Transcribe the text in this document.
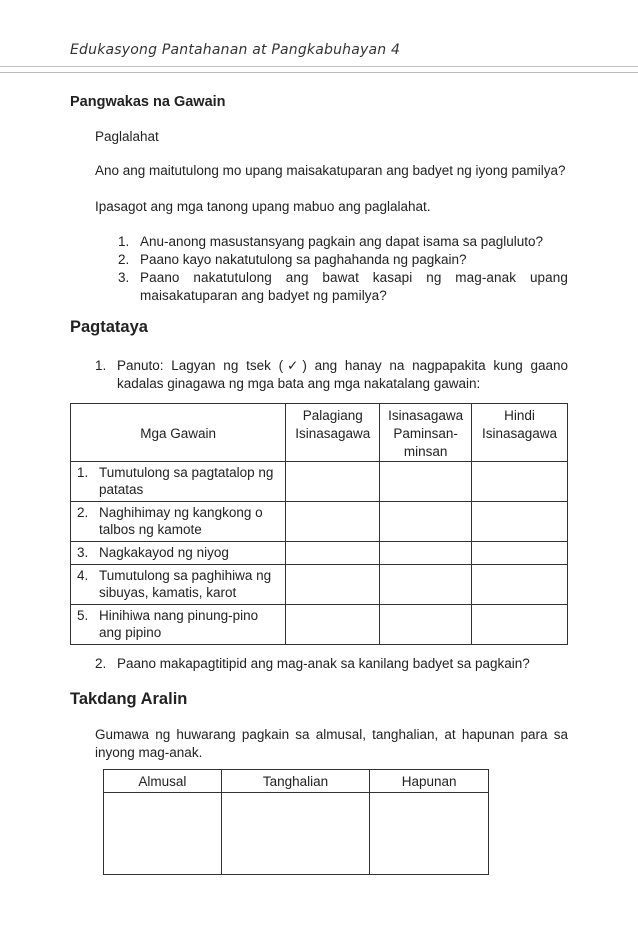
Edukasyong Pantahanan at Pangkabuhayan 4
Pangwakas na Gawain
Paglalahat
Ano ang maitutulong mo upang maisakatuparan ang badyet ng iyong pamilya?
Ipasagot ang mga tanong upang mabuo ang paglalahat.
1. Anu-anong masustansyang pagkain ang dapat isama sa pagluluto?
2. Paano kayo nakatutulong sa paghahanda ng pagkain?
3. Paano nakatutulong ang bawat kasapi ng mag-anak upang maisakatuparan ang badyet ng pamilya?
Pagtataya
1. Panuto: Lagyan ng tsek (✓) ang hanay na nagpapakita kung gaano kadalas ginagawa ng mga bata ang mga nakatalang gawain:
Mga Gawain	Palagiang Isinasagawa	Isinasagawa Paminsan-minsan	Hindi Isinasagawa

1. Tumutulong sa pagtatalop ng patatas			

2. Naghihimay ng kangkong o talbos ng kamote			

3. Nagkakayod ng niyog			

4. Tumutulong sa paghihiwa ng sibuyas, kamatis, karot			

5. Hinihiwa nang pinung-pino ang pipino			

2. Paano makapagtitipid ang mag-anak sa kanilang badyet sa pagkain?
Takdang Aralin
Gumawa ng huwarang pagkain sa almusal, tanghalian, at hapunan para sa inyong mag-anak.
Almusal	Tanghalian	Hapunan
